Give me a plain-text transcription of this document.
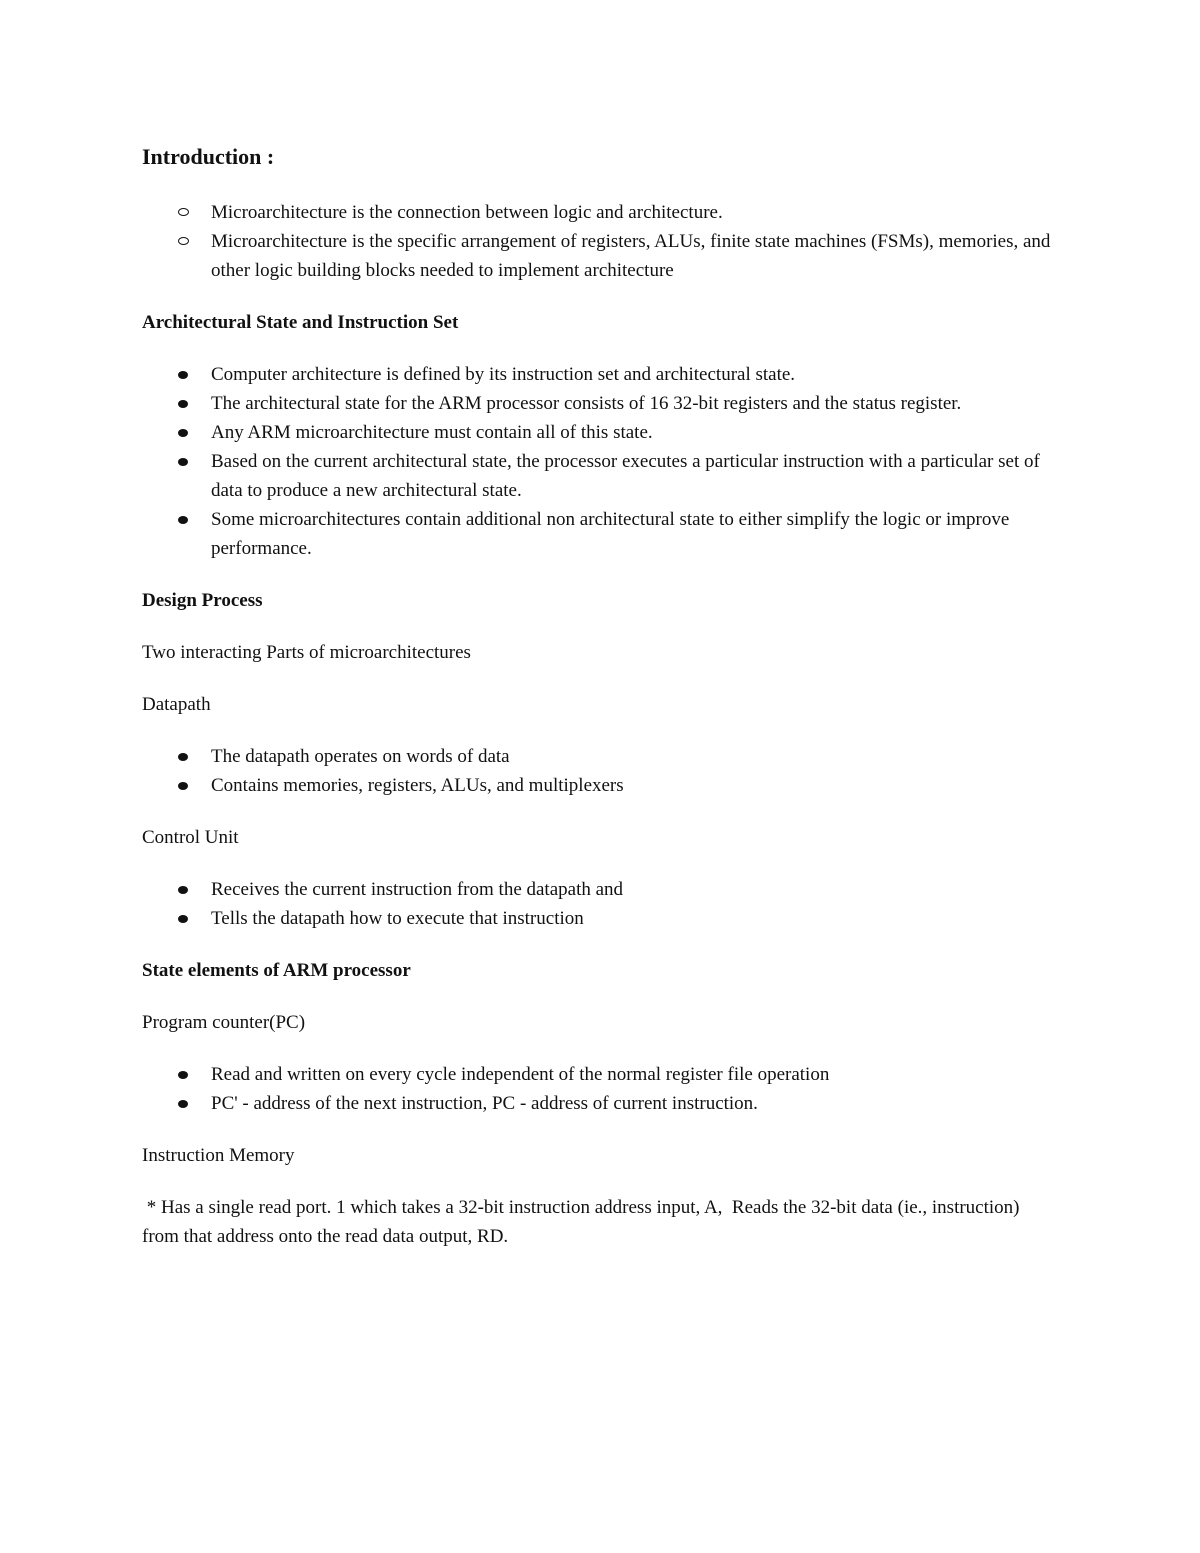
Introduction :
Microarchitecture is the connection between logic and architecture.
Microarchitecture is the specific arrangement of registers, ALUs, finite state machines (FSMs), memories, and other logic building blocks needed to implement architecture
Architectural State and Instruction Set
Computer architecture is defined by its instruction set and architectural state.
The architectural state for the ARM processor consists of 16 32-bit registers and the status register.
Any ARM microarchitecture must contain all of this state.
Based on the current architectural state, the processor executes a particular instruction with a particular set of data to produce a new architectural state.
Some microarchitectures contain additional non architectural state to either simplify the logic or improve performance.
Design Process
Two interacting Parts of microarchitectures
Datapath
The datapath operates on words of data
Contains memories, registers, ALUs, and multiplexers
Control Unit
Receives the current instruction from the datapath and
Tells the datapath how to execute that instruction
State elements of ARM processor
Program counter(PC)
Read and written on every cycle independent of the normal register file operation
PC' - address of the next instruction, PC - address of current instruction.
Instruction Memory
* Has a single read port. 1 which takes a 32-bit instruction address input, A,  Reads the 32-bit data (ie., instruction) from that address onto the read data output, RD.
